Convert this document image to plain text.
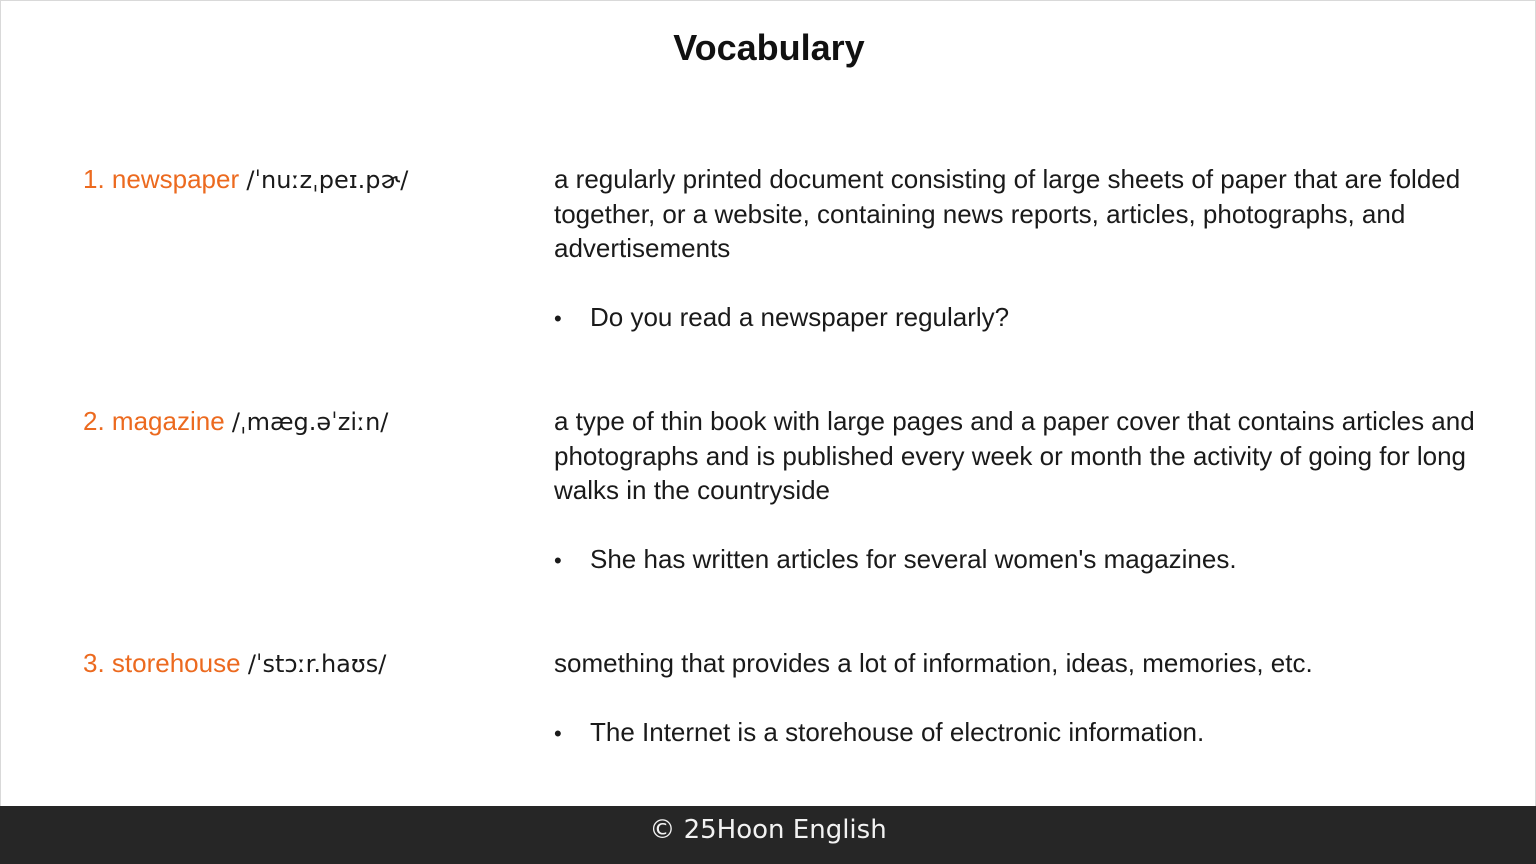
Vocabulary
1. newspaper /ˈnuːzˌpeɪ.pɚ/	a regularly printed document consisting of large sheets of paper that are folded together, or a website, containing news reports, articles, photographs, and advertisements

• Do you read a newspaper regularly?
2. magazine /ˌmæg.əˈziːn/	a type of thin book with large pages and a paper cover that contains articles and photographs and is published every week or month the activity of going for long walks in the countryside

• She has written articles for several women's magazines.
3. storehouse /ˈstɔːr.haʊs/	something that provides a lot of information, ideas, memories, etc.

• The Internet is a storehouse of electronic information.
© 25Hoon English
